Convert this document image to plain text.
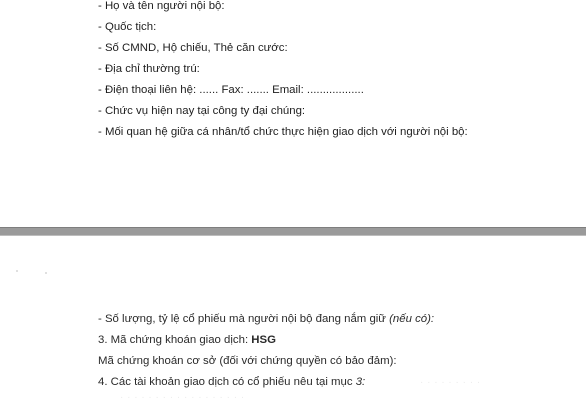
- Họ và tên người nội bộ:
- Quốc tịch:
- Số CMND, Hộ chiếu, Thẻ căn cước:
- Địa chỉ thường trú:
- Điện thoại liên hệ: ...... Fax: ....... Email: ..................
- Chức vụ hiện nay tại công ty đại chúng:
- Mối quan hệ giữa cá nhân/tổ chức thực hiện giao dịch với người nội bộ:
- Số lượng, tỷ lệ cổ phiếu mà người nội bộ đang nắm giữ (nếu có):
3. Mã chứng khoán giao dịch: HSG
Mã chứng khoán cơ sở (đối với chứng quyền có bảo đảm):
4. Các tài khoản giao dịch có cổ phiếu nêu tại mục 3:	· · · · · · · · ·
· · · · · · · · · · · · · · · · · ·
